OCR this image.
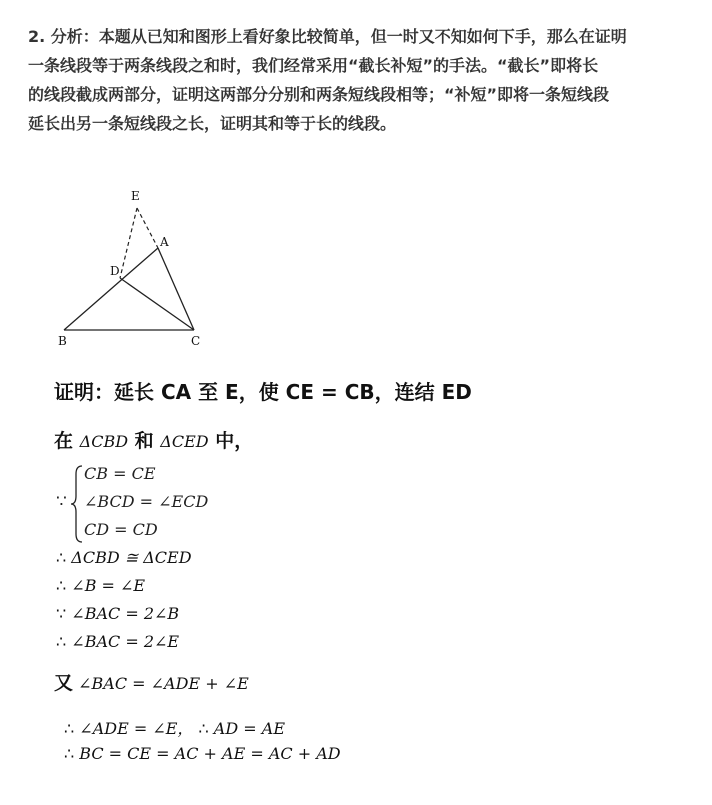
2. 分析：本题从已知和图形上看好象比较简单，但一时又不知如何下手，那么在证明

一条线段等于两条线段之和时，我们经常采用“截长补短”的手法。“截长”即将长

的线段截成两部分，证明这两部分分别和两条短线段相等；“补短”即将一条短线段

延长出另一条短线段之长，证明其和等于长的线段。

E
A
D
B	C
证明：延长 CA 至 E，使 CE = CB，连结 ED
在 ΔCBD 和 ΔCED 中，
∵
CB = CE
∠BCD = ∠ECD
CD = CD
∴ ΔCBD ≅ ΔCED
∴ ∠B = ∠E
∵ ∠BAC = 2∠B
∴ ∠BAC = 2∠E
又 ∠BAC = ∠ADE + ∠E
∴ ∠ADE = ∠E， ∴ AD = AE
∴ BC = CE = AC + AE = AC + AD
